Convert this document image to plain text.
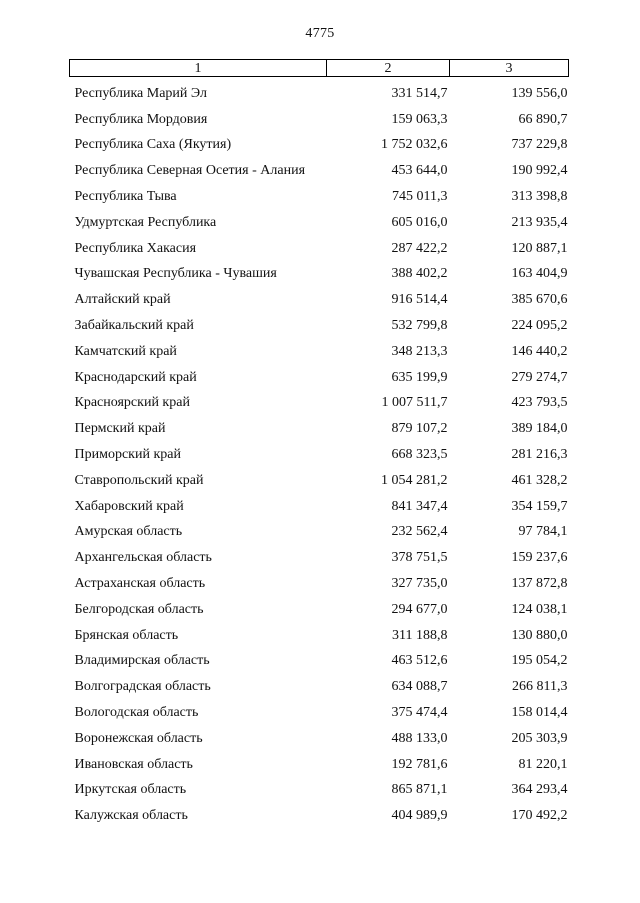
4775
1	2	3
Республика Марий Эл	331 514,7	139 556,0
Республика Мордовия	159 063,3	66 890,7
Республика Саха (Якутия)	1 752 032,6	737 229,8
Республика Северная Осетия - Алания	453 644,0	190 992,4
Республика Тыва	745 011,3	313 398,8
Удмуртская Республика	605 016,0	213 935,4
Республика Хакасия	287 422,2	120 887,1
Чувашская Республика - Чувашия	388 402,2	163 404,9
Алтайский край	916 514,4	385 670,6
Забайкальский край	532 799,8	224 095,2
Камчатский край	348 213,3	146 440,2
Краснодарский край	635 199,9	279 274,7
Красноярский край	1 007 511,7	423 793,5
Пермский край	879 107,2	389 184,0
Приморский край	668 323,5	281 216,3
Ставропольский край	1 054 281,2	461 328,2
Хабаровский край	841 347,4	354 159,7
Амурская область	232 562,4	97 784,1
Архангельская область	378 751,5	159 237,6
Астраханская область	327 735,0	137 872,8
Белгородская область	294 677,0	124 038,1
Брянская область	311 188,8	130 880,0
Владимирская область	463 512,6	195 054,2
Волгоградская область	634 088,7	266 811,3
Вологодская область	375 474,4	158 014,4
Воронежская область	488 133,0	205 303,9
Ивановская область	192 781,6	81 220,1
Иркутская область	865 871,1	364 293,4
Калужская область	404 989,9	170 492,2
